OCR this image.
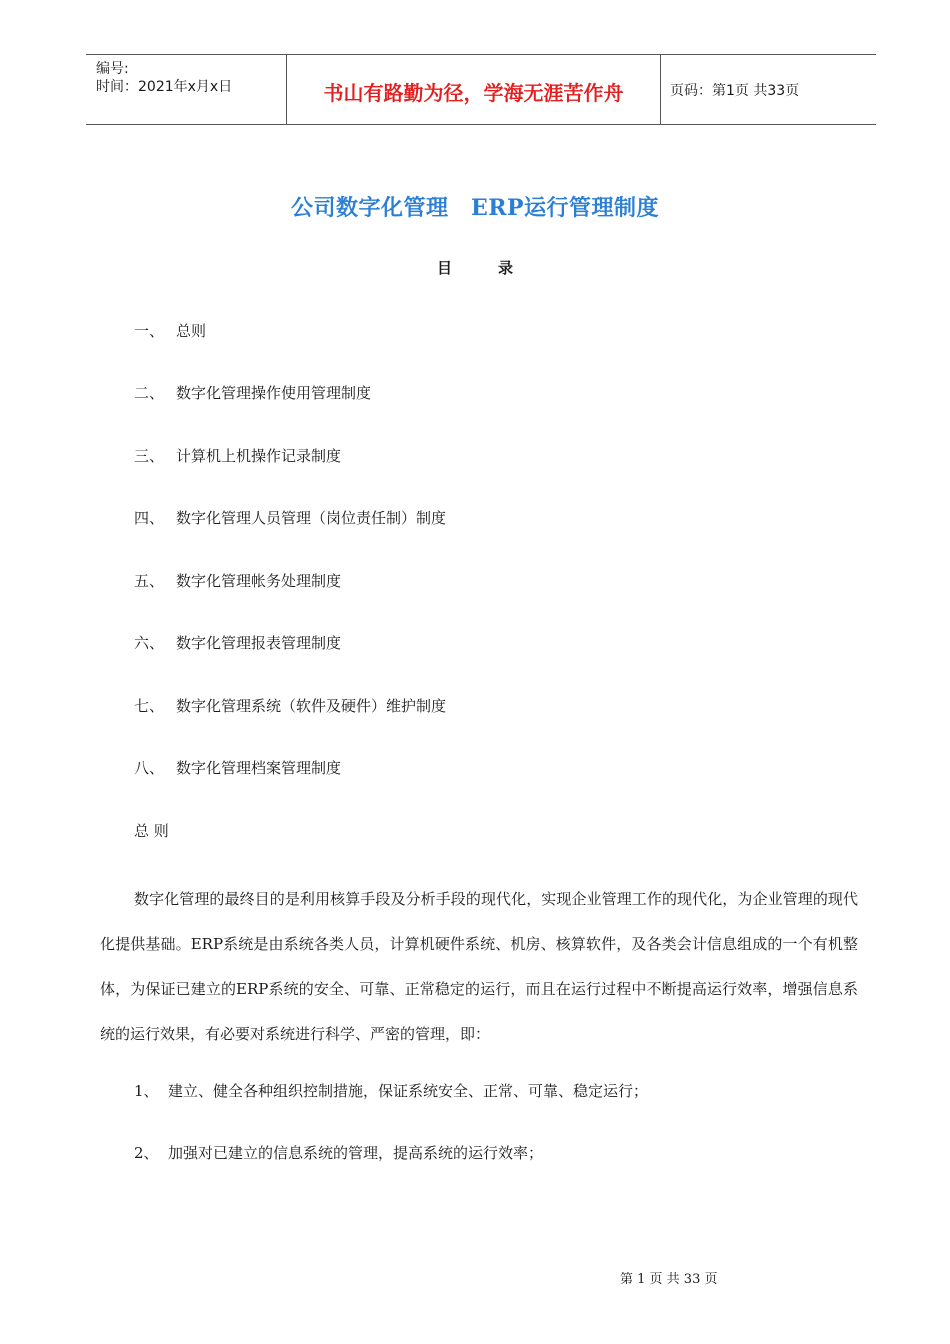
编号:
时间：2021年x月x日	书山有路勤为径，学海无涯苦作舟	页码：第1页 共33页
公司数字化管理　ERP运行管理制度
目	录
一、 总则
二、 数字化管理操作使用管理制度
三、 计算机上机操作记录制度
四、 数字化管理人员管理（岗位责任制）制度
五、 数字化管理帐务处理制度
六、 数字化管理报表管理制度
七、 数字化管理系统（软件及硬件）维护制度
八、 数字化管理档案管理制度
总 则
数字化管理的最终目的是利用核算手段及分析手段的现代化，实现企业管理工作的现代化，为企业管理的现代化提供基础。ERP系统是由系统各类人员，计算机硬件系统、机房、核算软件，及各类会计信息组成的一个有机整体，为保证已建立的ERP系统的安全、可靠、正常稳定的运行，而且在运行过程中不断提高运行效率，增强信息系统的运行效果，有必要对系统进行科学、严密的管理，即：
1、 建立、健全各种组织控制措施，保证系统安全、正常、可靠、稳定运行；
2、 加强对已建立的信息系统的管理，提高系统的运行效率；
第 1 页 共 33 页
